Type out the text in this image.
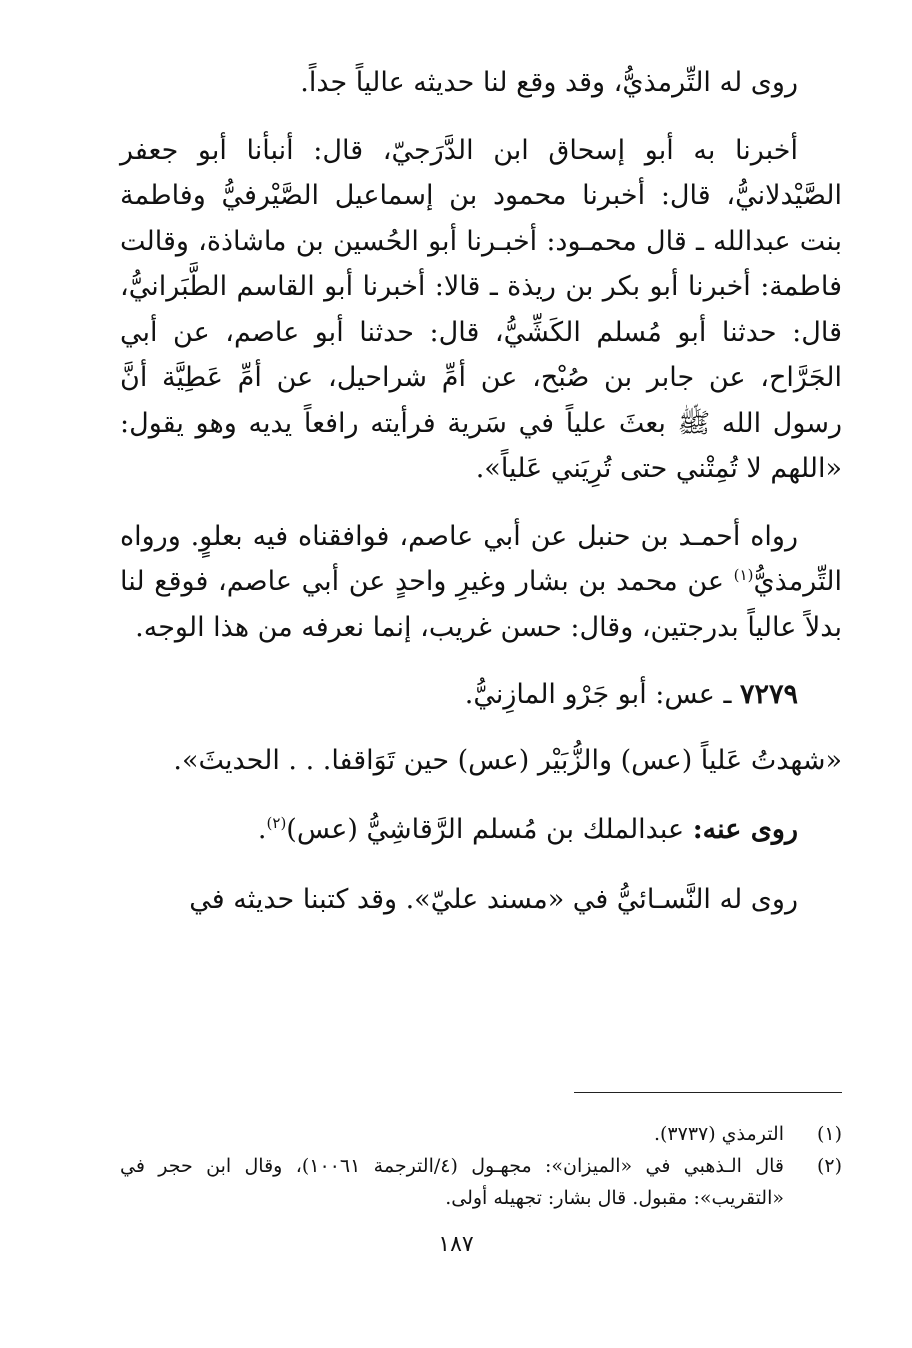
روى له التِّرمذيُّ، وقد وقع لنا حديثه عالياً جداً.

أخبرنا به أبو إسحاق ابن الدَّرَجيّ، قال: أنبأنا أبو جعفر الصَّيْدلانيُّ، قال: أخبرنا محمود بن إسماعيل الصَّيْرفيُّ وفاطمة بنت عبدالله ـ قال محمـود: أخبـرنا أبو الحُسين بن ماشاذة، وقالت فاطمة: أخبرنا أبو بكر بن ريذة ـ قالا: أخبرنا أبو القاسم الطَّبَرانيُّ، قال: حدثنا أبو مُسلم الكَشِّيُّ، قال: حدثنا أبو عاصم، عن أبي الجَرَّاح، عن جابر بن صُبْح، عن أمِّ شراحيل، عن أمِّ عَطِيَّة أنَّ رسول الله ﷺ بعثَ علياً في سَرية فرأيته رافعاً يديه وهو يقول: «اللهم لا تُمِتْني حتى تُرِيَني عَلياً».

رواه أحمـد بن حنبل عن أبي عاصم، فوافقناه فيه بعلوٍ. ورواه التِّرمذيُّ$^{(١)}$ عن محمد بن بشار وغيرِ واحدٍ عن أبي عاصم، فوقع لنا بدلاً عالياً بدرجتين، وقال: حسن غريب، إنما نعرفه من هذا الوجه.

٧٢٧٩ ـ عس: أبو جَرْو المازِنيُّ.

«شهدتُ عَلياً (عس) والزُّبَيْر (عس) حين تَوَاقفا. . . الحديثَ».

روى عنه: عبدالملك بن مُسلم الرَّقاشِيُّ (عس)$^{(٢)}$.

روى له النَّسـائيُّ في «مسند عليّ». وقد كتبنا حديثه في

(١)
الترمذي (٣٧٣٧).

(٢)
قال الـذهبي في «الميزان»: مجهـول (٤/الترجمة ١٠٠٦١)، وقال ابن حجر في «التقريب»: مقبول. قال بشار: تجهيله أولى.

١٨٧
